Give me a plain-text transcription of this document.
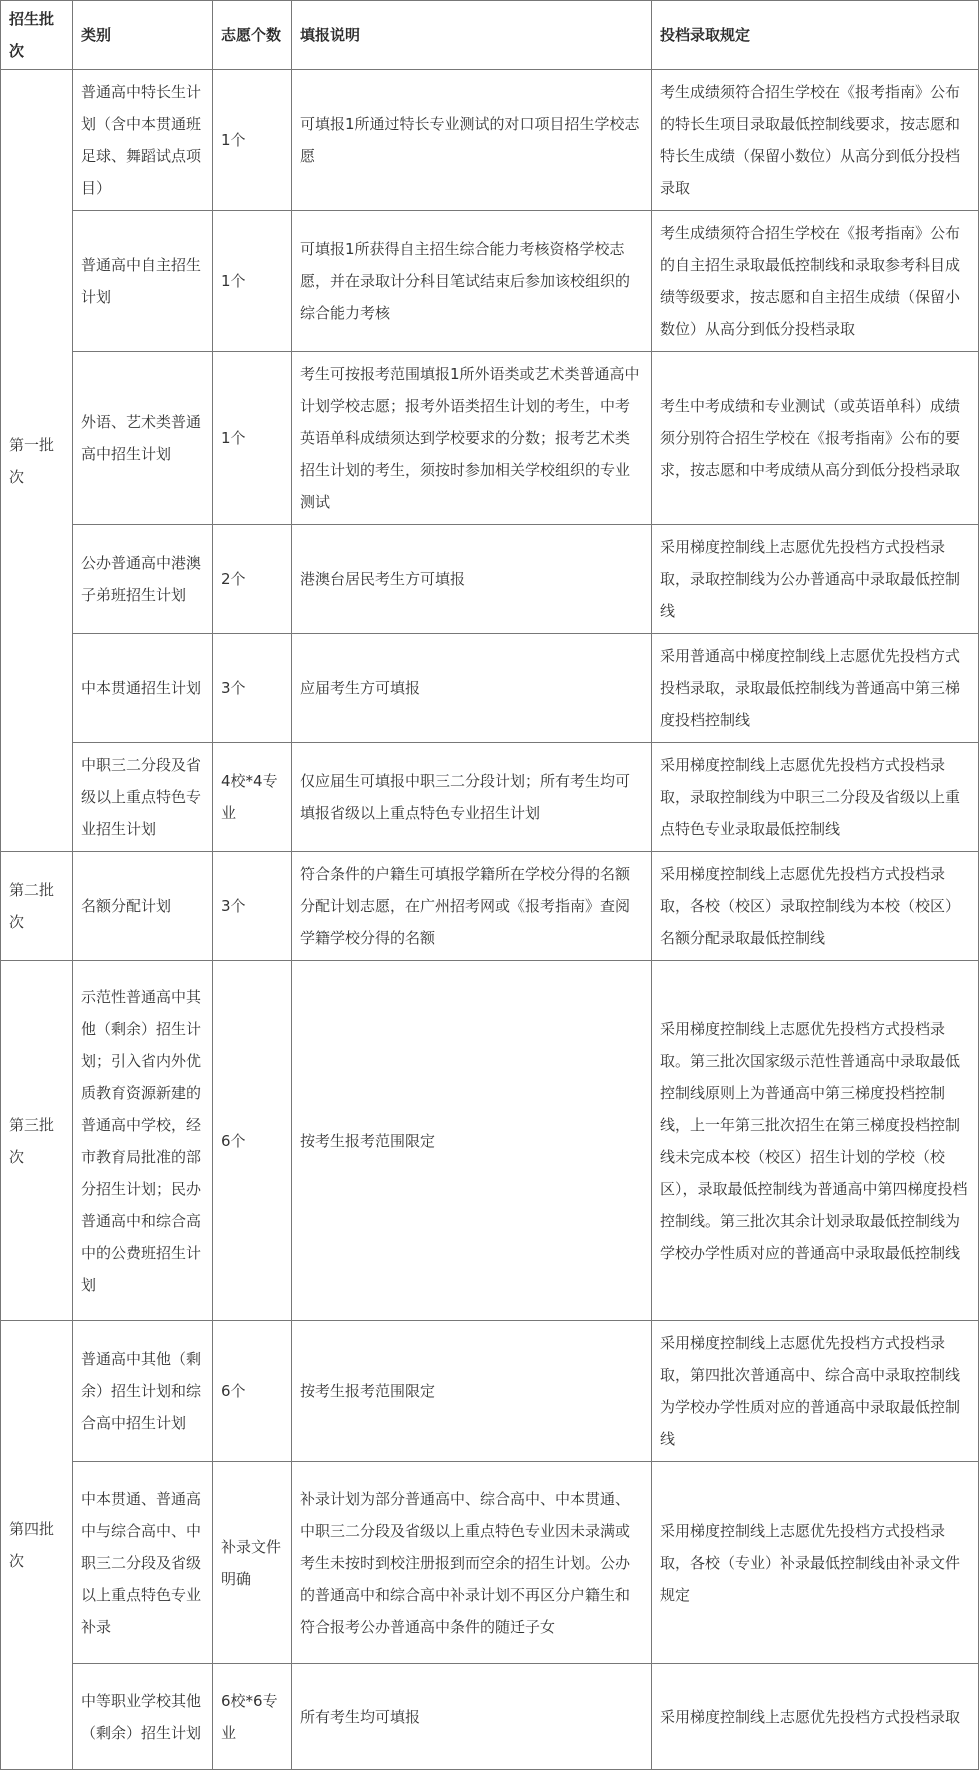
招生批次	类别	志愿个数	填报说明	投档录取规定
第一批次	普通高中特长生计划（含中本贯通班足球、舞蹈试点项目）	1个	可填报1所通过特长专业测试的对口项目招生学校志愿	考生成绩须符合招生学校在《报考指南》公布的特长生项目录取最低控制线要求，按志愿和特长生成绩（保留小数位）从高分到低分投档录取
	普通高中自主招生计划	1个	可填报1所获得自主招生综合能力考核资格学校志愿，并在录取计分科目笔试结束后参加该校组织的综合能力考核	考生成绩须符合招生学校在《报考指南》公布的自主招生录取最低控制线和录取参考科目成绩等级要求，按志愿和自主招生成绩（保留小数位）从高分到低分投档录取
	外语、艺术类普通高中招生计划	1个	考生可按报考范围填报1所外语类或艺术类普通高中计划学校志愿；报考外语类招生计划的考生，中考英语单科成绩须达到学校要求的分数；报考艺术类招生计划的考生，须按时参加相关学校组织的专业测试	考生中考成绩和专业测试（或英语单科）成绩须分别符合招生学校在《报考指南》公布的要求，按志愿和中考成绩从高分到低分投档录取
	公办普通高中港澳子弟班招生计划	2个	港澳台居民考生方可填报	采用梯度控制线上志愿优先投档方式投档录取，录取控制线为公办普通高中录取最低控制线
	中本贯通招生计划	3个	应届考生方可填报	采用普通高中梯度控制线上志愿优先投档方式投档录取，录取最低控制线为普通高中第三梯度投档控制线
	中职三二分段及省级以上重点特色专业招生计划	4校*4专业	仅应届生可填报中职三二分段计划；所有考生均可填报省级以上重点特色专业招生计划	采用梯度控制线上志愿优先投档方式投档录取，录取控制线为中职三二分段及省级以上重点特色专业录取最低控制线
第二批次	名额分配计划	3个	符合条件的户籍生可填报学籍所在学校分得的名额分配计划志愿，在广州招考网或《报考指南》查阅学籍学校分得的名额	采用梯度控制线上志愿优先投档方式投档录取，各校（校区）录取控制线为本校（校区）名额分配录取最低控制线
第三批次	示范性普通高中其他（剩余）招生计划；引入省内外优质教育资源新建的普通高中学校，经市教育局批准的部分招生计划；民办普通高中和综合高中的公费班招生计划	6个	按考生报考范围限定	采用梯度控制线上志愿优先投档方式投档录取。第三批次国家级示范性普通高中录取最低控制线原则上为普通高中第三梯度投档控制线，上一年第三批次招生在第三梯度投档控制线未完成本校（校区）招生计划的学校（校区），录取最低控制线为普通高中第四梯度投档控制线。第三批次其余计划录取最低控制线为学校办学性质对应的普通高中录取最低控制线
第四批次	普通高中其他（剩余）招生计划和综合高中招生计划	6个	按考生报考范围限定	采用梯度控制线上志愿优先投档方式投档录取，第四批次普通高中、综合高中录取控制线为学校办学性质对应的普通高中录取最低控制线
	中本贯通、普通高中与综合高中、中职三二分段及省级以上重点特色专业补录	补录文件明确	补录计划为部分普通高中、综合高中、中本贯通、中职三二分段及省级以上重点特色专业因未录满或考生未按时到校注册报到而空余的招生计划。公办的普通高中和综合高中补录计划不再区分户籍生和符合报考公办普通高中条件的随迁子女	采用梯度控制线上志愿优先投档方式投档录取，各校（专业）补录最低控制线由补录文件规定
	中等职业学校其他（剩余）招生计划	6校*6专业	所有考生均可填报	采用梯度控制线上志愿优先投档方式投档录取
